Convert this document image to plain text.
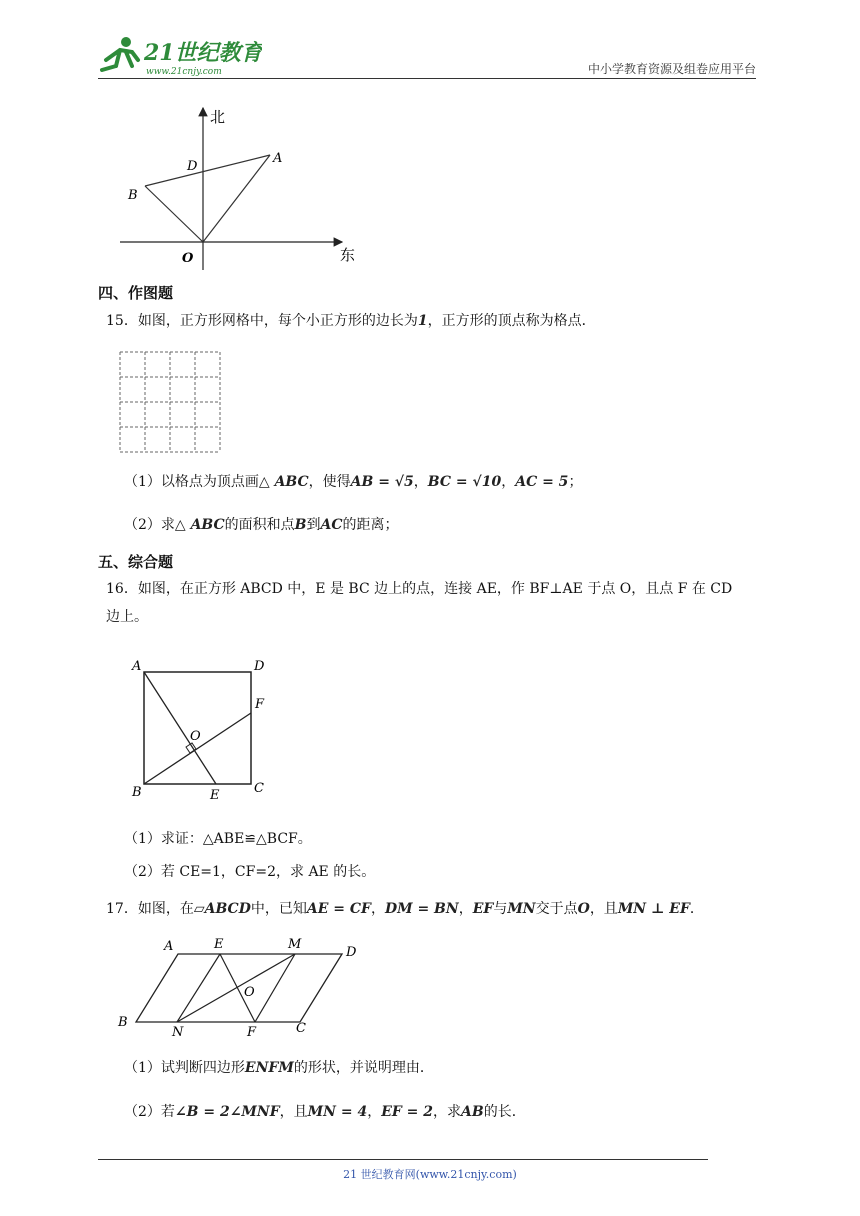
21世纪教育
www.21cnjy.com	中小学教育资源及组卷应用平台
北
东
A
B
D
O
四、作图题
15．如图，正方形网格中，每个小正方形的边长为1，正方形的顶点称为格点．
（1）以格点为顶点画△ ABC，使得AB = √5，BC = √10，AC = 5；
（2）求△ ABC的面积和点B到AC的距离；
五、综合题
16．如图，在正方形 ABCD 中，E 是 BC 边上的点，连接 AE，作 BF⊥AE 于点 O，且点 F 在 CD
边上。
A	D
B	C
E
F
O
（1）求证：△ABE≌△BCF。
（2）若 CE=1，CF=2，求 AE 的长。
17．如图，在▱ABCD中，已知AE = CF，DM = BN，EF与MN交于点O，且MN ⊥ EF．
A	E	M
D
B
N	F	C
O
（1）试判断四边形ENFM的形状，并说明理由．
（2）若∠B = 2∠MNF，且MN = 4，EF = 2，求AB的长．
21 世纪教育网(www.21cnjy.com)
